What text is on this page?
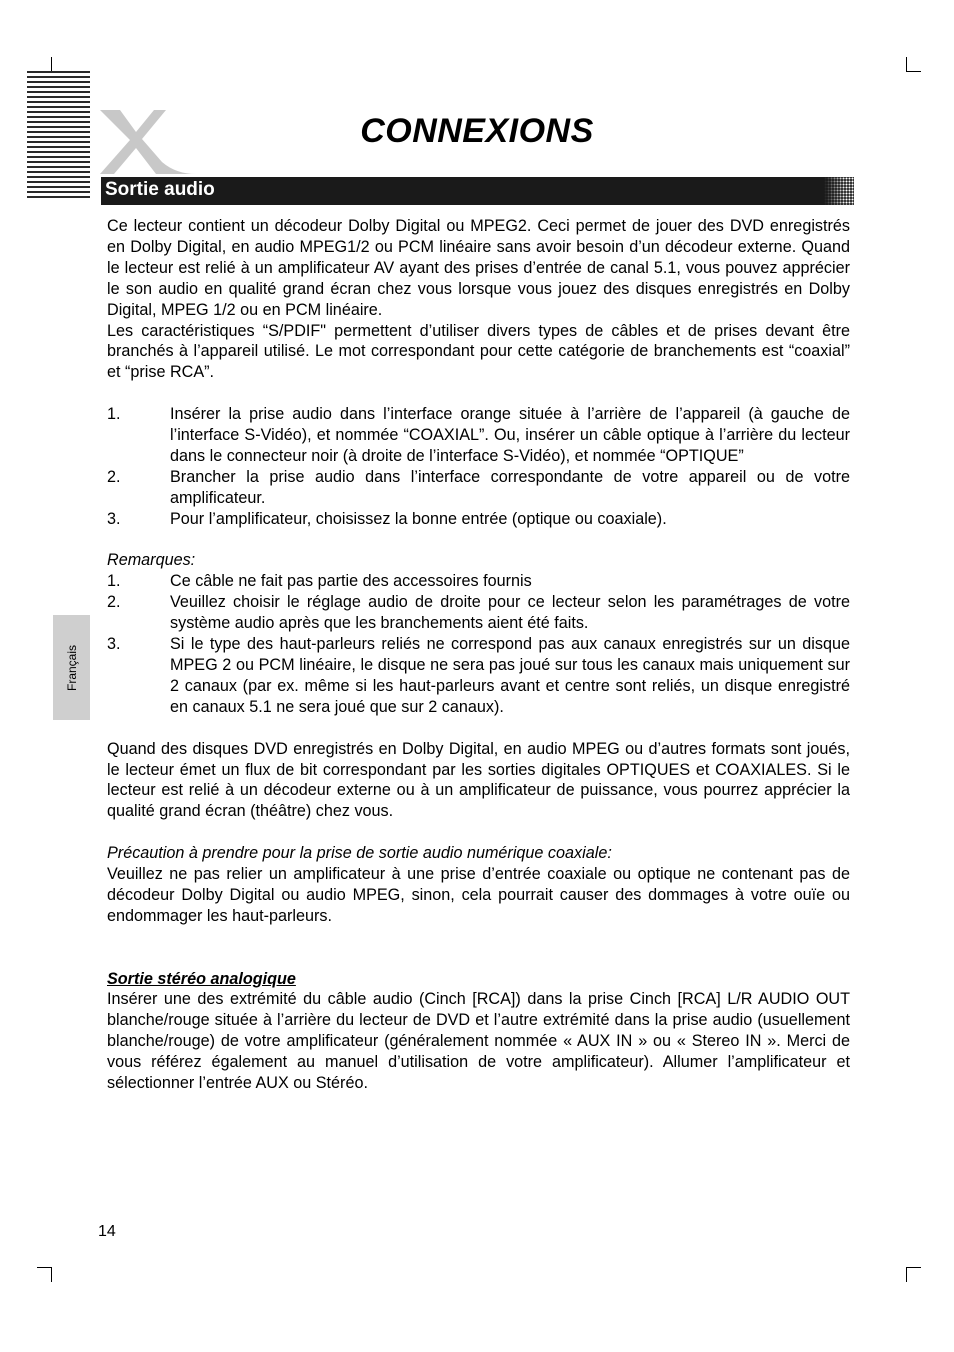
CONNEXIONS
Sortie audio
Français

Ce lecteur contient un décodeur Dolby Digital ou MPEG2. Ceci permet de jouer des DVD enregistrés en Dolby Digital, en audio MPEG1/2 ou PCM linéaire sans avoir besoin d’un décodeur externe. Quand le lecteur est relié à un amplificateur AV ayant des prises d’entrée de canal 5.1, vous pouvez apprécier le son audio en qualité grand écran chez vous lorsque vous jouez des disques enregistrés en Dolby Digital, MPEG 1/2 ou en PCM linéaire.

Les caractéristiques “S/PDIF" permettent d’utiliser divers types de câbles et de prises devant être branchés à l’appareil utilisé. Le mot correspondant pour cette catégorie de branchements est “coaxial” et “prise RCA”.

1.	Insérer la prise audio dans l’interface orange située à l’arrière de l’appareil (à gauche de l’interface S-Vidéo), et nommée “COAXIAL”. Ou, insérer un câble optique à l’arrière du lecteur dans le connecteur noir (à droite de l’interface S-Vidéo), et nommée “OPTIQUE”
2.	Brancher la prise audio dans l’interface correspondante de votre appareil ou de votre amplificateur.
3.	Pour l’amplificateur, choisissez la bonne entrée (optique ou coaxiale).

Remarques:

1.	Ce câble ne fait pas partie des accessoires fournis
2.	Veuillez choisir le réglage audio de droite pour ce lecteur selon les paramétrages de votre système audio après que les branchements aient été faits.
3.	Si le type des haut-parleurs reliés ne correspond pas aux canaux enregistrés sur un disque MPEG 2 ou PCM linéaire, le disque ne sera pas joué sur tous les canaux mais uniquement sur 2 canaux (par ex. même si les haut-parleurs avant et centre sont reliés, un disque enregistré en canaux 5.1 ne sera joué que sur 2 canaux).

Quand des disques DVD enregistrés en Dolby Digital, en audio MPEG ou d’autres formats sont joués, le lecteur émet un flux de bit correspondant par les sorties digitales OPTIQUES et COAXIALES. Si le lecteur est relié à un décodeur externe ou à un amplificateur de puissance, vous pourrez apprécier la qualité grand écran (théâtre) chez vous.

Précaution à prendre pour la prise de sortie audio numérique coaxiale:

Veuillez ne pas relier un amplificateur à une prise d’entrée coaxiale ou optique ne contenant pas de décodeur Dolby Digital ou audio MPEG, sinon, cela pourrait causer des dommages à votre ouïe ou endommager les haut-parleurs.

Sortie stéréo analogique

Insérer une des extrémité du câble audio (Cinch [RCA]) dans la prise Cinch [RCA] L/R AUDIO OUT blanche/rouge située à l’arrière du lecteur de DVD et l’autre extrémité dans la prise audio (usuellement blanche/rouge) de votre amplificateur (généralement nommée « AUX IN » ou « Stereo IN ». Merci de vous référez également au manuel d’utilisation de votre amplificateur). Allumer l’amplificateur et sélectionner l’entrée AUX ou Stéréo.

14
